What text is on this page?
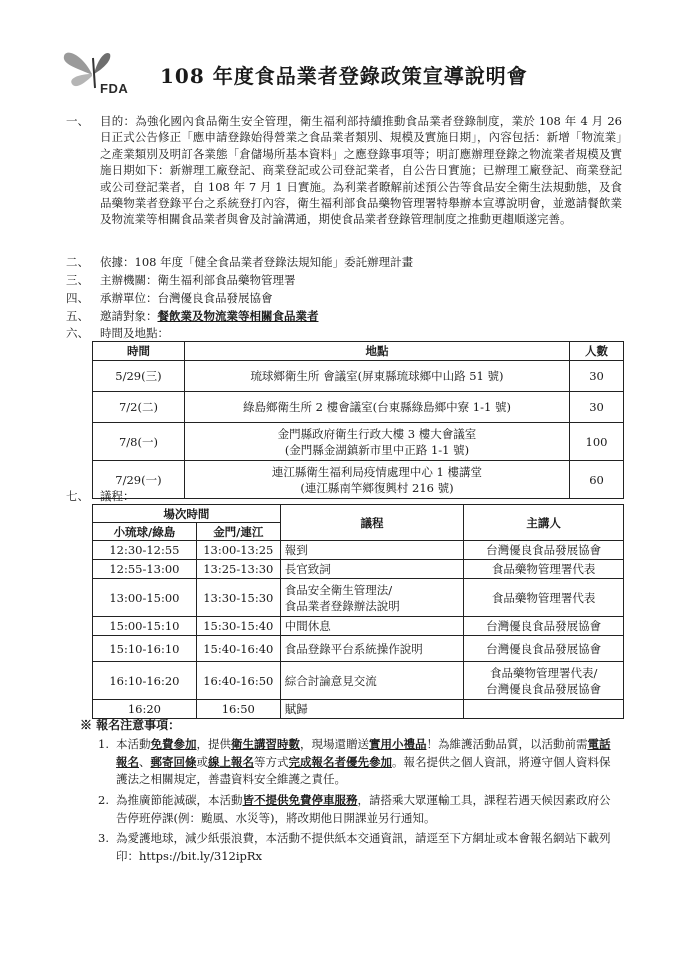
FDA
108 年度食品業者登錄政策宣導說明會
一、 目的：為強化國內食品衛生安全管理，衛生福利部持續推動食品業者登錄制度，業於 108 年 4 月 26 日正式公告修正「應申請登錄始得營業之食品業者類別、規模及實施日期」，內容包括：新增「物流業」之產業類別及明訂各業態「倉儲場所基本資料」之應登錄事項等；明訂應辦理登錄之物流業者規模及實施日期如下：新辦理工廠登記、商業登記或公司登記業者，自公告日實施；已辦理工廠登記、商業登記或公司登記業者，自 108 年 7 月 1 日實施。為利業者瞭解前述預公告等食品安全衛生法規動態，及食品藥物業者登錄平台之系統登打內容，衛生福利部食品藥物管理署特舉辦本宣導說明會，並邀請餐飲業及物流業等相關食品業者與會及討論溝通，期使食品業者登錄管理制度之推動更趨順遂完善。
二、 依據：108 年度「健全食品業者登錄法規知能」委託辦理計畫
三、 主辦機關：衛生福利部食品藥物管理署
四、 承辦單位：台灣優良食品發展協會
五、 邀請對象：餐飲業及物流業等相關食品業者
六、 時間及地點：
時間	地點	人數
5/29(三)	琉球鄉衛生所 會議室(屏東縣琉球鄉中山路 51 號)	30
7/2(二)	綠島鄉衛生所 2 樓會議室(台東縣綠島鄉中寮 1-1 號)	30
7/8(一)	金門縣政府衛生行政大樓 3 樓大會議室
(金門縣金湖鎮新市里中正路 1-1 號)	100
7/29(一)	連江縣衛生福利局疫情處理中心 1 樓講堂
(連江縣南竿鄉復興村 216 號)	60
七、 議程：
場次時間		議程	主講人
小琉球/綠島	金門/連江		
12:30-12:55	13:00-13:25	報到	台灣優良食品發展協會
12:55-13:00	13:25-13:30	長官致詞	食品藥物管理署代表
13:00-15:00	13:30-15:30	食品安全衛生管理法/
食品業者登錄辦法說明	食品藥物管理署代表
15:00-15:10	15:30-15:40	中間休息	台灣優良食品發展協會
15:10-16:10	15:40-16:40	食品登錄平台系統操作說明	台灣優良食品發展協會
16:10-16:20	16:40-16:50	綜合討論意見交流	食品藥物管理署代表/
台灣優良食品發展協會

16:20	16:50	賦歸	
※ 報名注意事項：
1. 本活動免費參加，提供衛生講習時數，現場還贈送實用小禮品！為維護活動品質，以活動前需電話報名、郵寄回條或線上報名等方式完成報名者優先參加。報名提供之個人資訊，將遵守個人資料保護法之相關規定，善盡資料安全維護之責任。
2. 為推廣節能減碳，本活動皆不提供免費停車服務，請搭乘大眾運輸工具，課程若遇天候因素政府公告停班停課(例：颱風、水災等)，將改期他日開課並另行通知。
3. 為愛護地球，減少紙張浪費，本活動不提供紙本交通資訊，請逕至下方網址或本會報名網站下載列印：https://bit.ly/312ipRx
